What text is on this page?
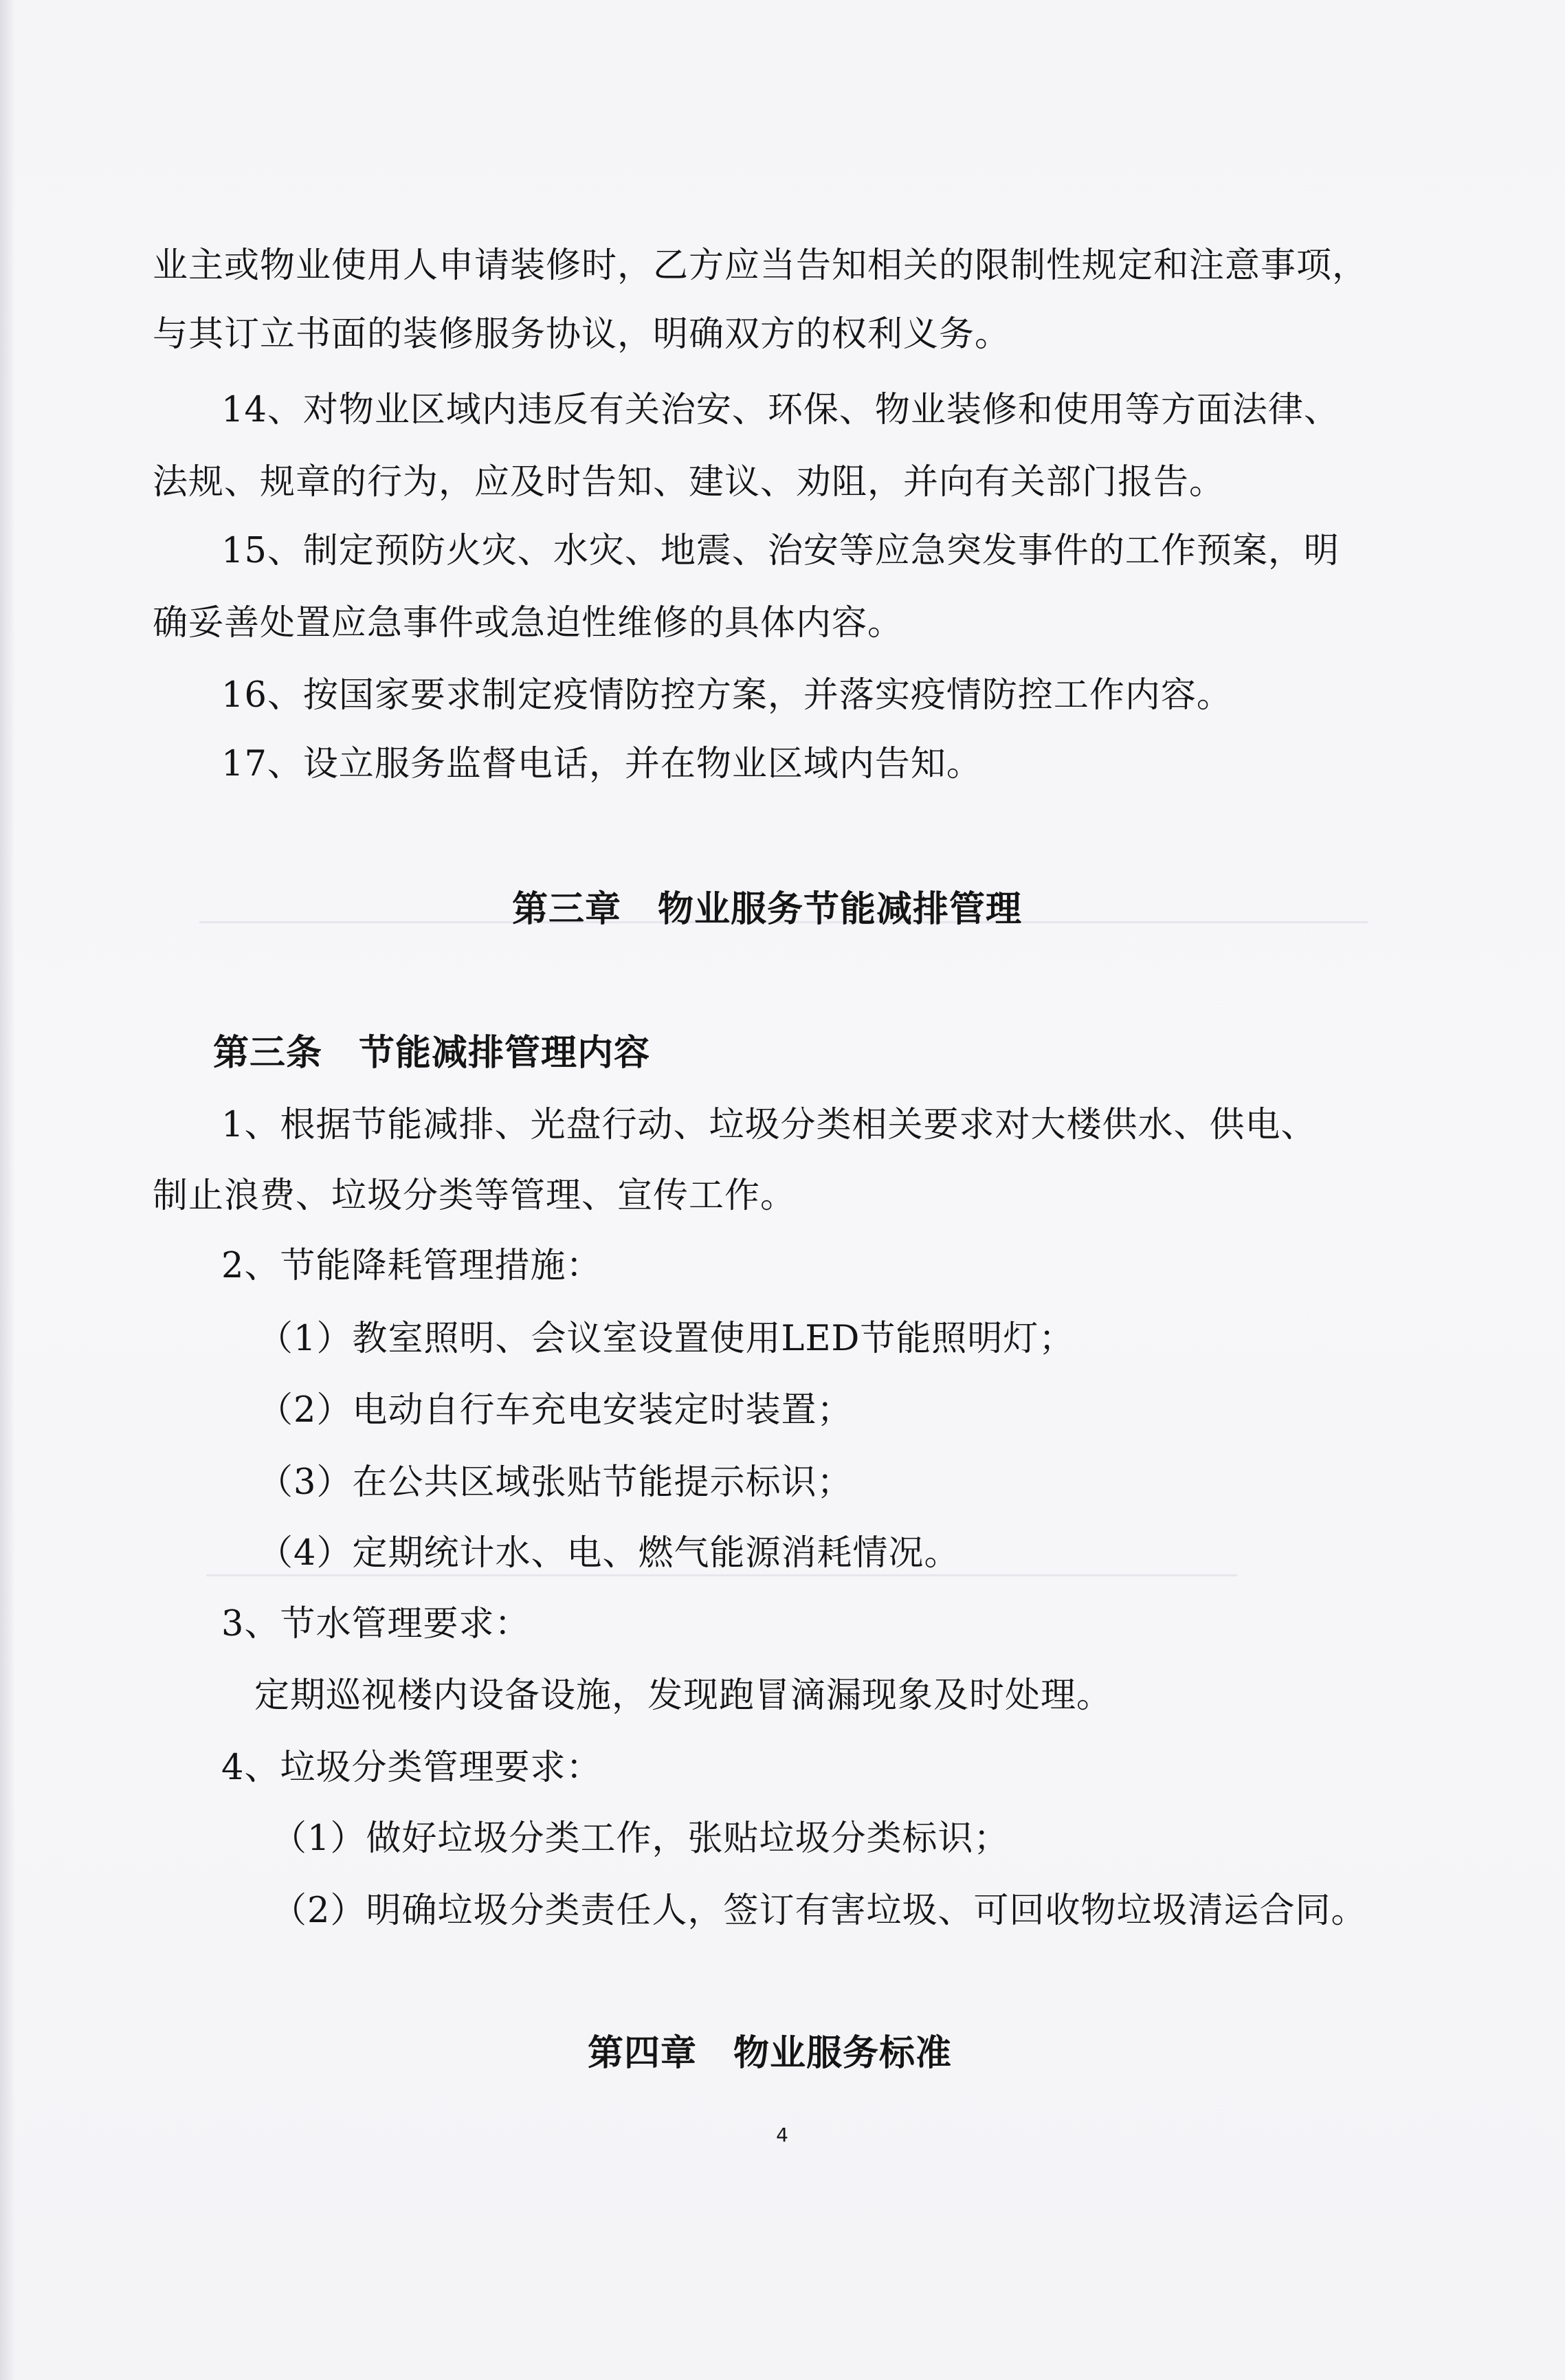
业主或物业使用人申请装修时，乙方应当告知相关的限制性规定和注意事项，
与其订立书面的装修服务协议，明确双方的权利义务。
14、对物业区域内违反有关治安、环保、物业装修和使用等方面法律、
法规、规章的行为，应及时告知、建议、劝阻，并向有关部门报告。
15、制定预防火灾、水灾、地震、治安等应急突发事件的工作预案，明
确妥善处置应急事件或急迫性维修的具体内容。
16、按国家要求制定疫情防控方案，并落实疫情防控工作内容。
17、设立服务监督电话，并在物业区域内告知。
第三章　物业服务节能减排管理
第三条　节能减排管理内容
1、根据节能减排、光盘行动、垃圾分类相关要求对大楼供水、供电、
制止浪费、垃圾分类等管理、宣传工作。
2、节能降耗管理措施：
（1）教室照明、会议室设置使用LED节能照明灯；
（2）电动自行车充电安装定时装置；
（3）在公共区域张贴节能提示标识；
（4）定期统计水、电、燃气能源消耗情况。
3、节水管理要求：
定期巡视楼内设备设施，发现跑冒滴漏现象及时处理。
4、垃圾分类管理要求：
（1）做好垃圾分类工作，张贴垃圾分类标识；
（2）明确垃圾分类责任人，签订有害垃圾、可回收物垃圾清运合同。
第四章　物业服务标准
4
